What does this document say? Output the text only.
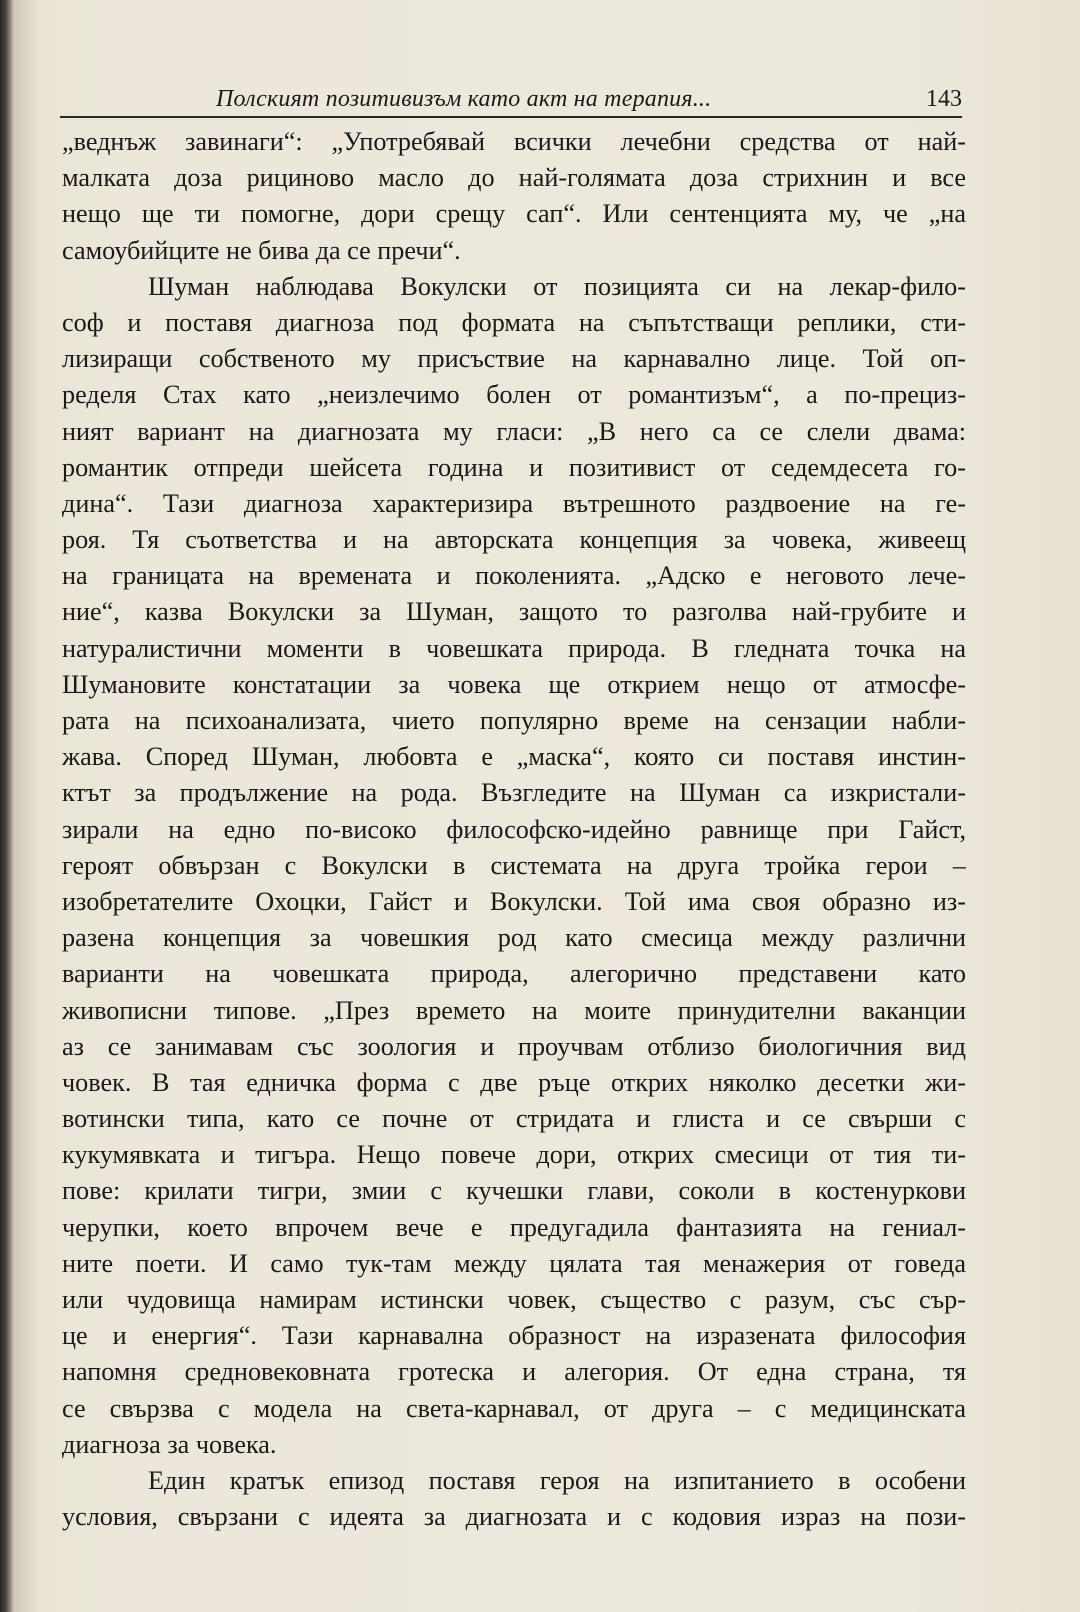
Полският позитивизъм като акт на терапия...	143
„веднъж завинаги“: „Употребявай всички лечебни средства от най-
малката доза рициново масло до най-голямата доза стрихнин и все
нещо ще ти помогне, дори срещу сап“. Или сентенцията му, че „на
самоубийците не бива да се пречи“.
Шуман наблюдава Вокулски от позицията си на лекар-фило-
соф и поставя диагноза под формата на съпътстващи реплики, сти-
лизиращи собственото му присъствие на карнавално лице. Той оп-
ределя Стах като „неизлечимо болен от романтизъм“, а по-прециз-
ният вариант на диагнозата му гласи: „В него са се слели двама:
романтик отпреди шейсета година и позитивист от седемдесета го-
дина“. Тази диагноза характеризира вътрешното раздвоение на ге-
роя. Тя съответства и на авторската концепция за човека, живеещ
на границата на времената и поколенията. „Адско е неговото лече-
ние“, казва Вокулски за Шуман, защото то разголва най-грубите и
натуралистични моменти в човешката природа. В гледната точка на
Шумановите констатации за човека ще открием нещо от атмосфе-
рата на психоанализата, чието популярно време на сензации набли-
жава. Според Шуман, любовта е „маска“, която си поставя инстин-
ктът за продължение на рода. Възгледите на Шуман са изкристали-
зирали на едно по-високо философско-идейно равнище при Гайст,
героят обвързан с Вокулски в системата на друга тройка герои –
изобретателите Охоцки, Гайст и Вокулски. Той има своя образно из-
разена концепция за човешкия род като смесица между различни
варианти на човешката природа, алегорично представени като
живописни типове. „През времето на моите принудителни ваканции
аз се занимавам със зоология и проучвам отблизо биологичния вид
човек. В тая едничка форма с две ръце открих няколко десетки жи-
вотински типа, като се почне от стридата и глиста и се свърши с
кукумявката и тигъра. Нещо повече дори, открих смесици от тия ти-
пове: крилати тигри, змии с кучешки глави, соколи в костенуркови
черупки, което впрочем вече е предугадила фантазията на гениал-
ните поети. И само тук-там между цялата тая менажерия от говеда
или чудовища намирам истински човек, същество с разум, със сър-
це и енергия“. Тази карнавална образност на изразената философия
напомня средновековната гротеска и алегория. От една страна, тя
се свързва с модела на света-карнавал, от друга – с медицинската
диагноза за човека.
Един кратък епизод поставя героя на изпитанието в особени
условия, свързани с идеята за диагнозата и с кодовия израз на пози-
